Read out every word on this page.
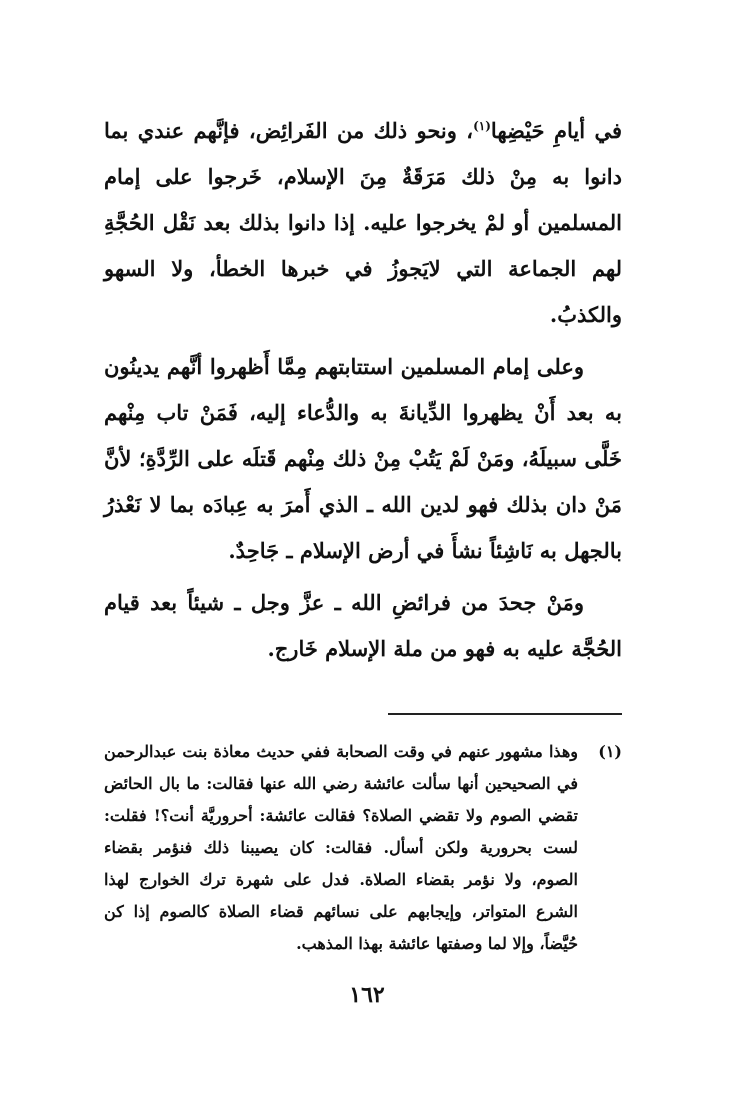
في أيامِ حَيْضِها$^{(١)}$، ونحو ذلك من الفَرائِض، فإنَّهم عندي بما دانوا به مِنْ ذلك مَرَقَةٌ مِنَ الإسلام، خَرجوا على إمام المسلمين أو لمْ يخرجوا عليه. إذا دانوا بذلك بعد نَقْل الحُجَّةِ لهم الجماعة التي لايَجوزُ في خبرها الخطأ، ولا السهو والكذبُ.

وعلى إمام المسلمين استتابتهم مِمَّا أَظهروا أنَّهم يدينُون به بعد أَنْ يظهروا الدِّيانةَ به والدُّعاء إليه، فَمَنْ تاب مِنْهم خَلَّى سبيلَهُ، ومَنْ لَمْ يَتُبْ مِنْ ذلك مِنْهم قَتلَه على الرِّدَّةِ؛ لأنَّ مَنْ دان بذلك فهو لدين الله ـ الذي أَمرَ به عِبادَه بما لا نَعْذرُ بالجهل به نَاشِئاً نشأَ في أرض الإسلام ـ جَاحِدٌ.

ومَنْ جحدَ من فرائضِ الله ـ عزَّ وجل ـ شيئاً بعد قيام الحُجَّة عليه به فهو من ملة الإسلام خَارج.

(١)
وهذا مشهور عنهم في وقت الصحابة ففي حديث معاذة بنت عبدالرحمن في الصحيحين أنها سألت عائشة رضي الله عنها فقالت: ما بال الحائض تقضي الصوم ولا تقضي الصلاة؟ فقالت عائشة: أحروريَّة أنت؟! فقلت: لست بحرورية ولكن أسأل. فقالت: كان يصيبنا ذلك فنؤمر بقضاء الصوم، ولا نؤمر بقضاء الصلاة. فدل على شهرة ترك الخوارج لهذا الشرع المتواتر، وإيجابهم على نسائهم قضاء الصلاة كالصوم إذا كن حُيَّضاً، وإلا لما وصفتها عائشة بهذا المذهب.
١٦٢
